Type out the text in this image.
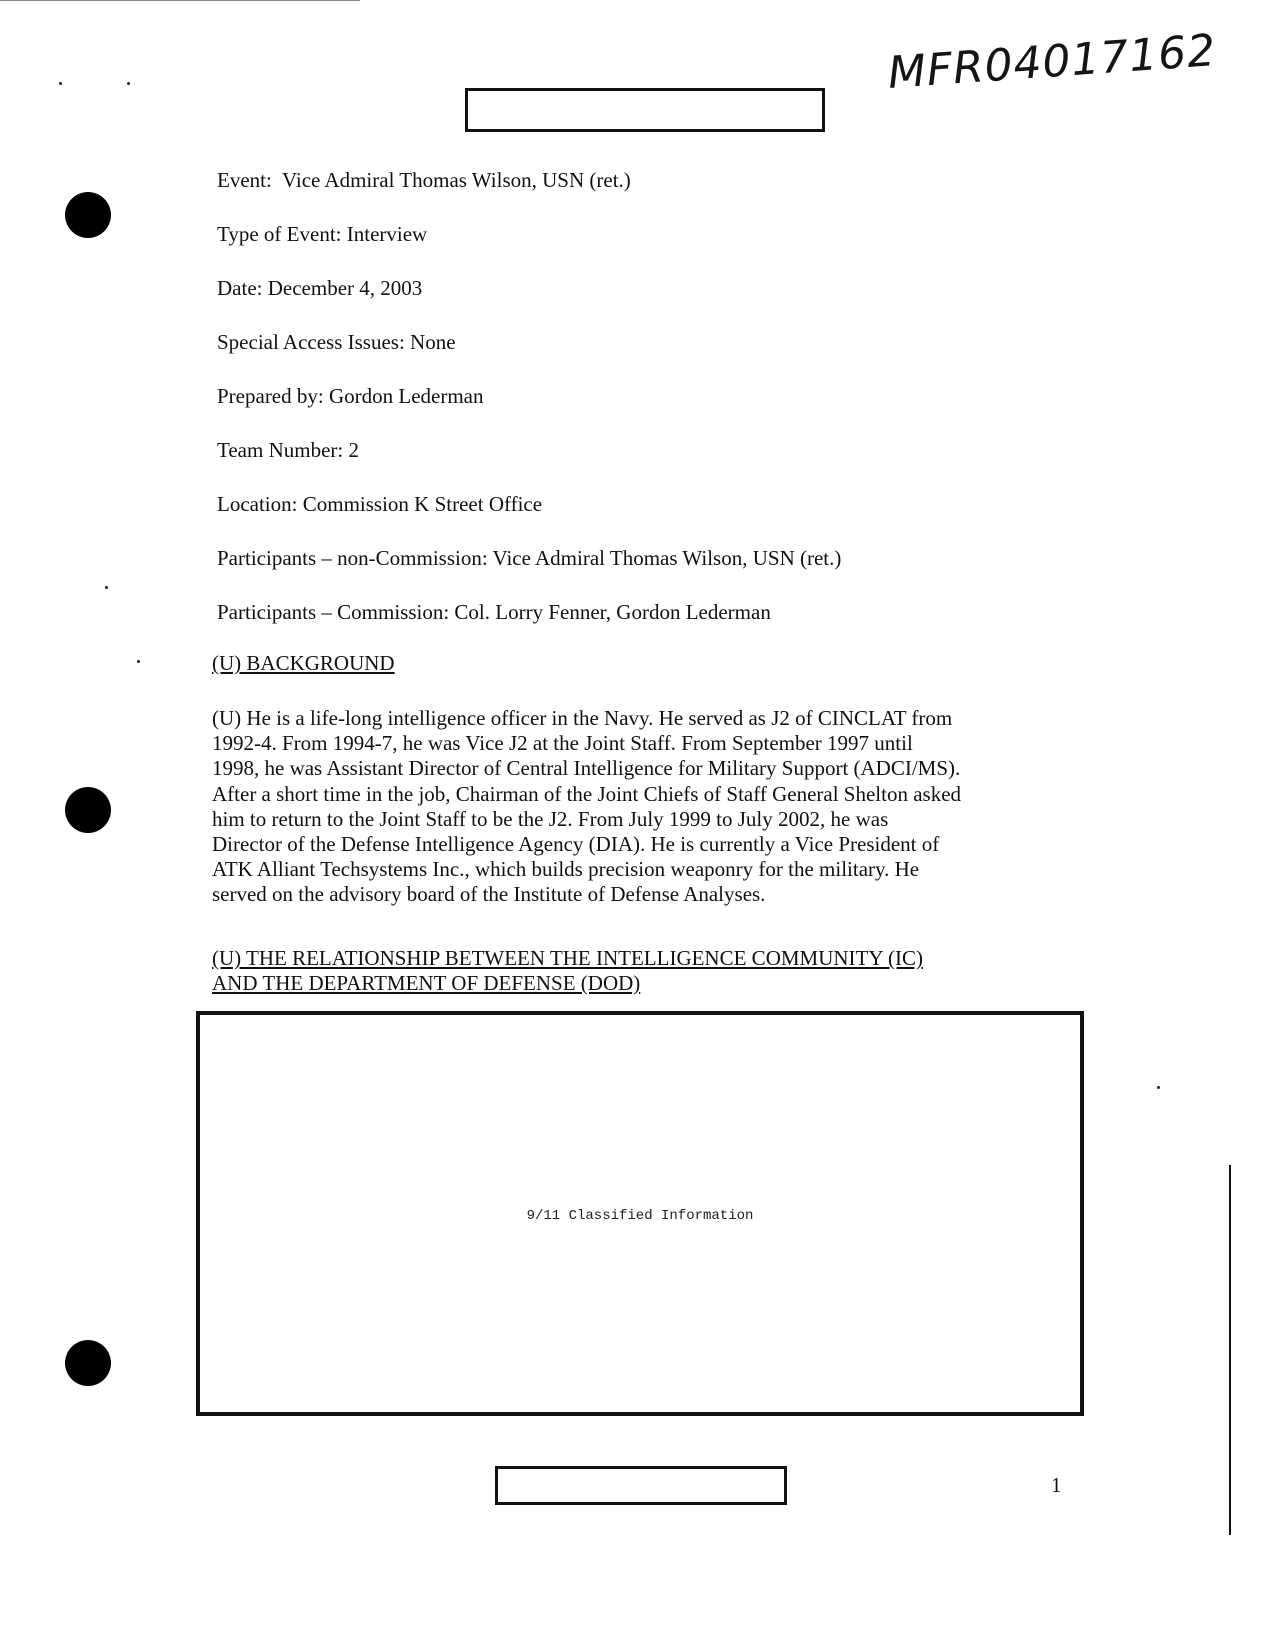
MFR04017162
Event: Vice Admiral Thomas Wilson, USN (ret.)
Type of Event: Interview
Date: December 4, 2003
Special Access Issues: None
Prepared by: Gordon Lederman
Team Number: 2
Location: Commission K Street Office
Participants – non-Commission: Vice Admiral Thomas Wilson, USN (ret.)
Participants – Commission: Col. Lorry Fenner, Gordon Lederman
(U) BACKGROUND
(U) He is a life-long intelligence officer in the Navy. He served as J2 of CINCLAT from
1992-4. From 1994-7, he was Vice J2 at the Joint Staff. From September 1997 until
1998, he was Assistant Director of Central Intelligence for Military Support (ADCI/MS).
After a short time in the job, Chairman of the Joint Chiefs of Staff General Shelton asked
him to return to the Joint Staff to be the J2. From July 1999 to July 2002, he was
Director of the Defense Intelligence Agency (DIA). He is currently a Vice President of
ATK Alliant Techsystems Inc., which builds precision weaponry for the military. He
served on the advisory board of the Institute of Defense Analyses.
(U) THE RELATIONSHIP BETWEEN THE INTELLIGENCE COMMUNITY (IC)
AND THE DEPARTMENT OF DEFENSE (DOD)
9/11 Classified Information
1
